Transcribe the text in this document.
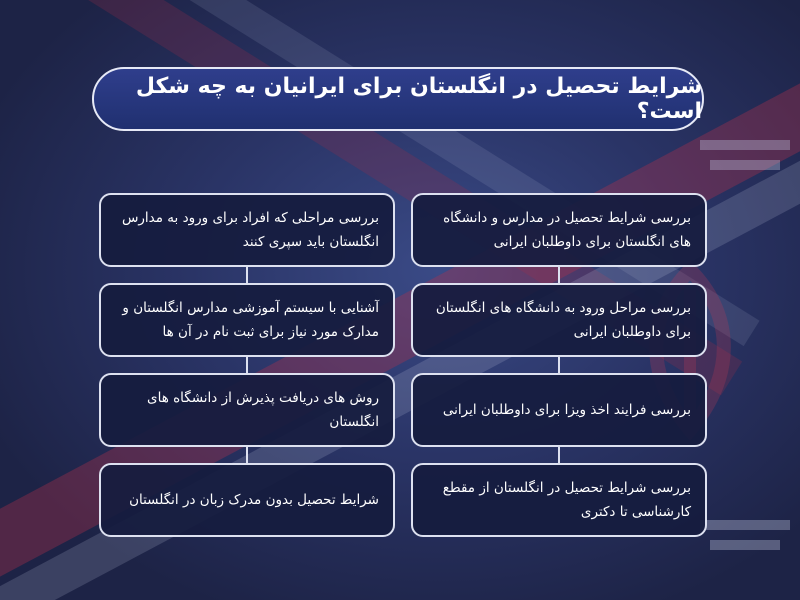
شرایط تحصیل در انگلستان برای ایرانیان به چه شکل است؟
بررسی شرایط تحصیل در مدارس و دانشگاه های انگلستان برای داوطلبان ایرانی
بررسی مراحل ورود به دانشگاه های انگلستان برای داوطلبان ایرانی
بررسی فرایند اخذ ویزا برای داوطلبان ایرانی
بررسی شرایط تحصیل در انگلستان از مقطع کارشناسی تا دکتری
بررسی مراحلی که افراد برای ورود به مدارس انگلستان باید سپری کنند
آشنایی با سیستم آموزشی مدارس انگلستان و مدارک مورد نیاز برای ثبت نام در آن ها
روش های دریافت پذیرش از دانشگاه های انگلستان
شرایط تحصیل بدون مدرک زبان در انگلستان
